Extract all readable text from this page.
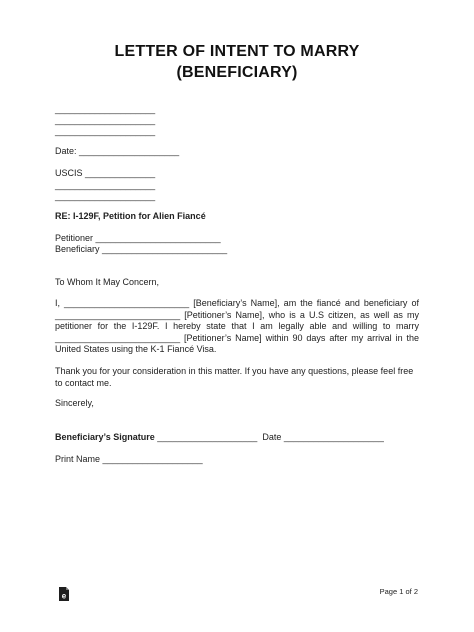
LETTER OF INTENT TO MARRY
(BENEFICIARY)
____________________
____________________
____________________
Date: ____________________
USCIS ______________
____________________
____________________
RE: I-129F, Petition for Alien Fiancé
Petitioner _________________________
Beneficiary _________________________
To Whom It May Concern,
I, _________________________ [Beneficiary’s Name], am the fiancé and beneficiary of _________________________ [Petitioner’s Name], who is a U.S citizen, as well as my petitioner for the I-129F. I hereby state that I am legally able and willing to marry _________________________ [Petitioner’s Name] within 90 days after my arrival in the United States using the K-1 Fiancé Visa.
Thank you for your consideration in this matter. If you have any questions, please feel free to contact me.
Sincerely,
Beneficiary’s Signature ____________________  Date ____________________
Print Name ____________________
e	Page 1 of 2
